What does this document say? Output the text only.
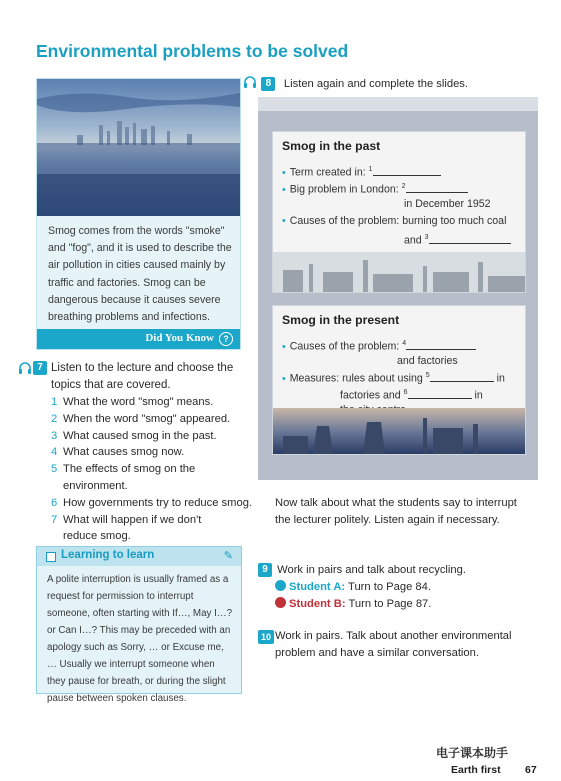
Environmental problems to be solved
Smog comes from the words "smoke" and "fog", and it is used to describe the air pollution in cities caused mainly by traffic and factories. Smog can be dangerous because it causes severe breathing problems and infections.
Did You Know	?
7 Listen to the lecture and choose the topics that are covered.
1 What the word "smog" means.
2 When the word "smog" appeared.
3 What caused smog in the past.
4 What causes smog now.
5 The effects of smog on the environment.
6 How governments try to reduce smog.
7 What will happen if we don't reduce smog.
Learning to learn	✎
A polite interruption is usually framed as a request for permission to interrupt someone, often starting with If…, May I…? or Can I…? This may be preceded with an apology such as Sorry, … or Excuse me, … Usually we interrupt someone when they pause for breath, or during the slight pause between spoken clauses.
8 Listen again and complete the slides.
Smog in the past
• Term created in: $^1$
• Big problem in London: $^2$
in December 1952
• Causes of the problem: burning too much coal
and $^3$
Smog in the present
• Causes of the problem: $^4$
and factories
• Measures: rules about using $^5$	in
factories and $^6$	in
Now talk about what the students say to interrupt the lecturer politely. Listen again if necessary.
9 Work in pairs and talk about recycling.
Student A: Turn to Page 84.
Student B: Turn to Page 87.
10 Work in pairs. Talk about another environmental problem and have a similar conversation.
电子课本助手
Earth first 67
